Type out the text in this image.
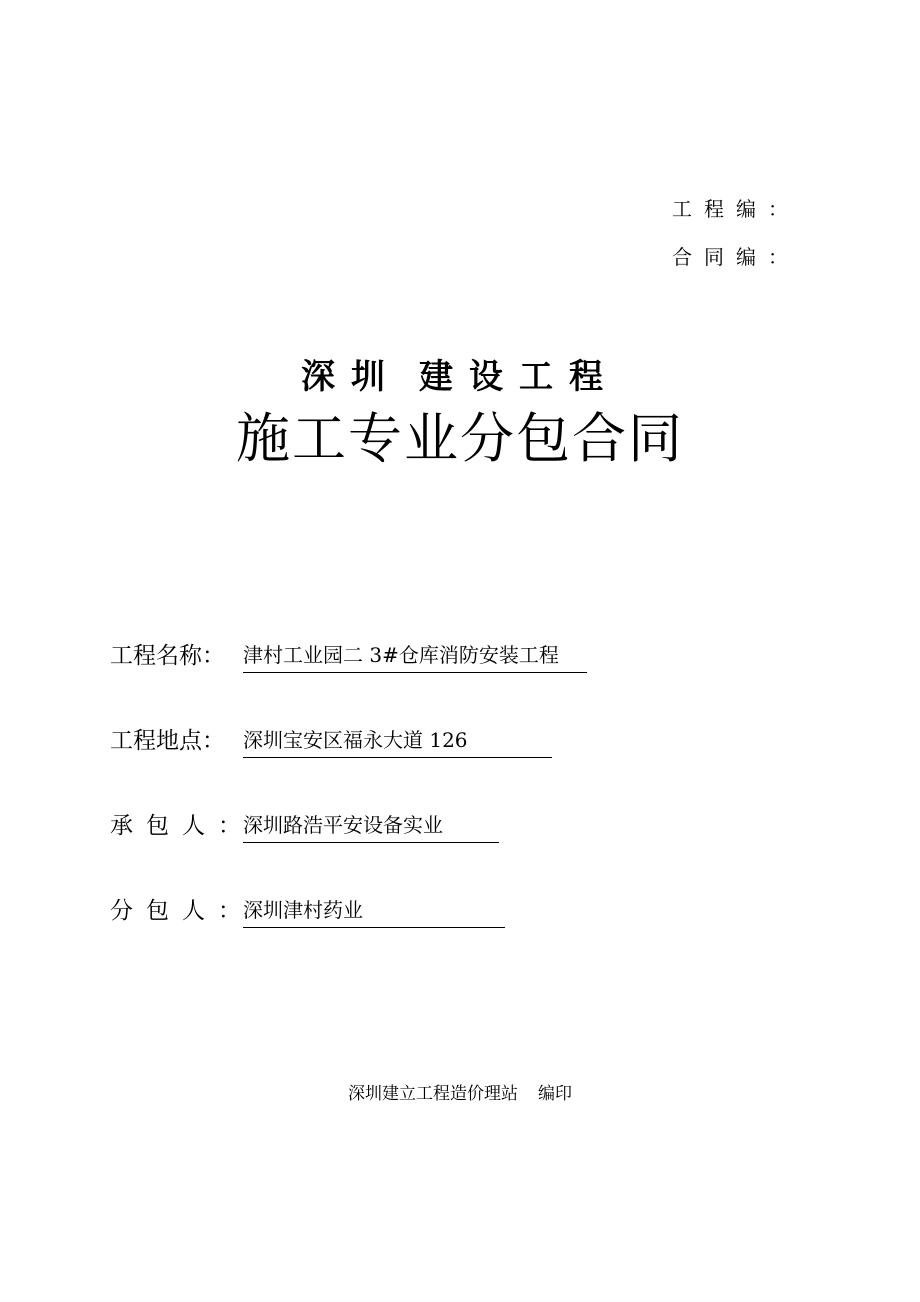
工程编：
合同编：
深圳 建设工程
施工专业分包合同
工程名称： 津村工业园二 3#仓库消防安装工程
工程地点： 深圳宝安区福永大道 126
承包人：
深圳路浩平安设备实业
分包人：
深圳津村药业
深圳建立工程造价理站 编印
